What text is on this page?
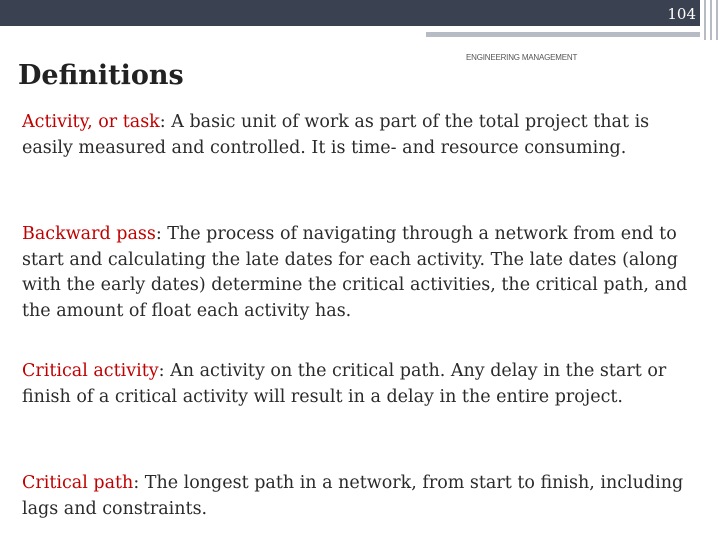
104
Definitions
ENGINEERING MANAGEMENT

Activity, or task: A basic unit of work as part of the total project that is easily measured and controlled. It is time- and resource consuming.

Backward pass: The process of navigating through a network from end to start and calculating the late dates for each activity. The late dates (along with the early dates) determine the critical activities, the critical path, and the amount of float each activity has.

Critical activity: An activity on the critical path. Any delay in the start or finish of a critical activity will result in a delay in the entire project.

Critical path: The longest path in a network, from start to finish, including lags and constraints.
